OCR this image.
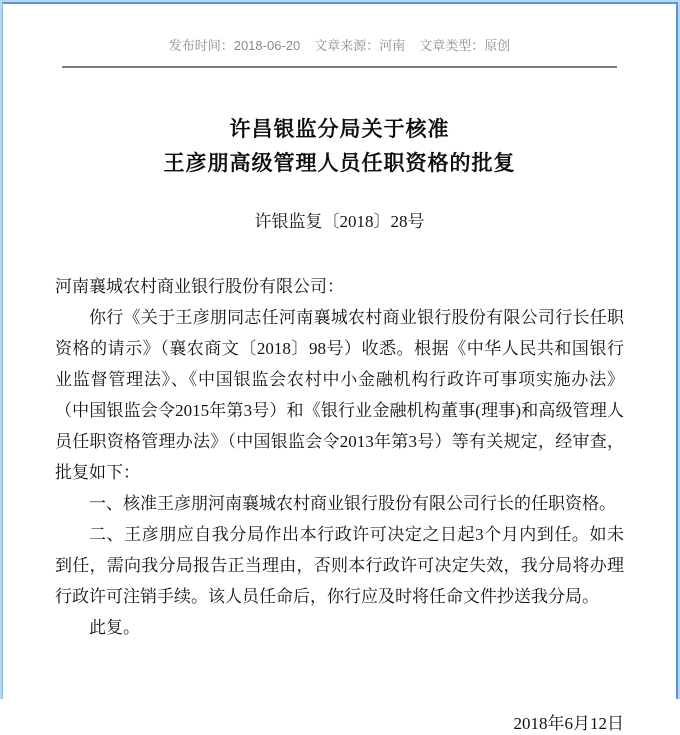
发布时间：2018-06-20 文章来源：河南 文章类型：原创
许昌银监分局关于核准
王彦朋高级管理人员任职资格的批复
许银监复〔2018〕28号

河南襄城农村商业银行股份有限公司：

你行《关于王彦朋同志任河南襄城农村商业银行股份有限公司行长任职资格的请示》（襄农商文〔2018〕98号）收悉。根据《中华人民共和国银行业监督管理法》、《中国银监会农村中小金融机构行政许可事项实施办法》（中国银监会令2015年第3号）和《银行业金融机构董事(理事)和高级管理人员任职资格管理办法》（中国银监会令2013年第3号）等有关规定，经审查，批复如下：

一、核准王彦朋河南襄城农村商业银行股份有限公司行长的任职资格。

二、王彦朋应自我分局作出本行政许可决定之日起3个月内到任。如未到任，需向我分局报告正当理由，否则本行政许可决定失效，我分局将办理行政许可注销手续。该人员任命后，你行应及时将任命文件抄送我分局。

此复。

2018年6月12日
